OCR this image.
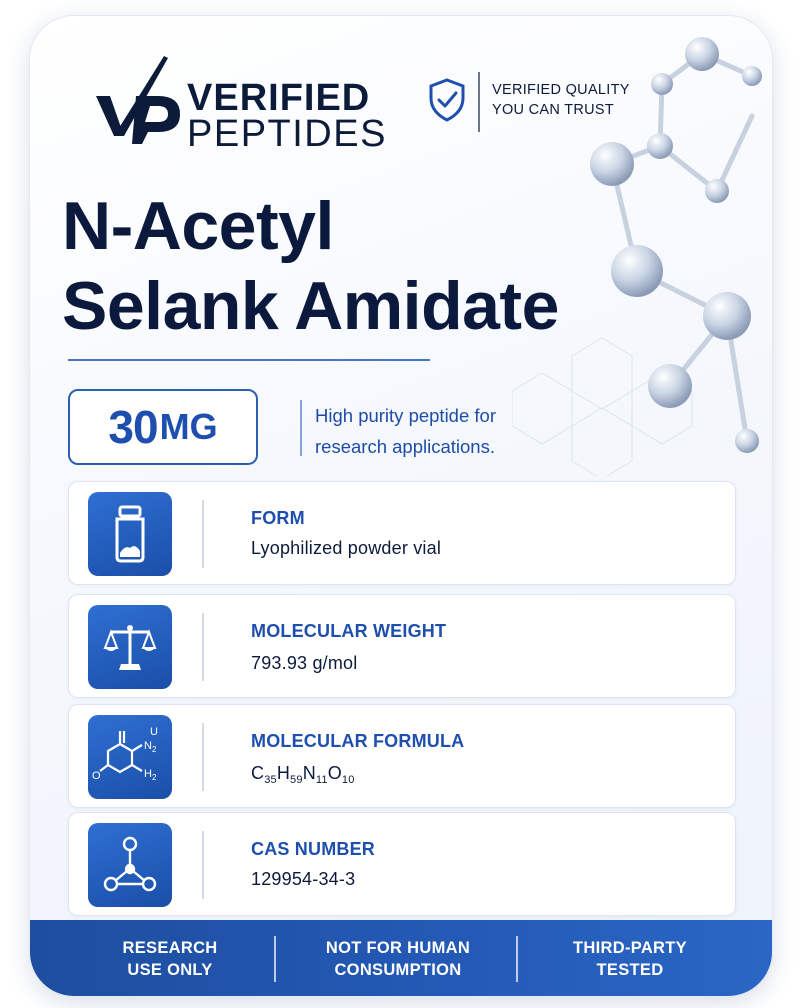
VERIFIED
PEPTIDES
VERIFIED QUALITY
YOU CAN TRUST
N-Acetyl
Selank Amidate
30 MG	High purity peptide for
research applications.
FORM
Lyophilized powder vial
MOLECULAR WEIGHT
793.93 g/mol
U
N 2
H 2
O
MOLECULAR FORMULA
$C_{35}H_{59}N_{11}O_{10}$
CAS NUMBER
129954-34-3
RESEARCH
USE ONLY
NOT FOR HUMAN
CONSUMPTION
THIRD-PARTY
TESTED
